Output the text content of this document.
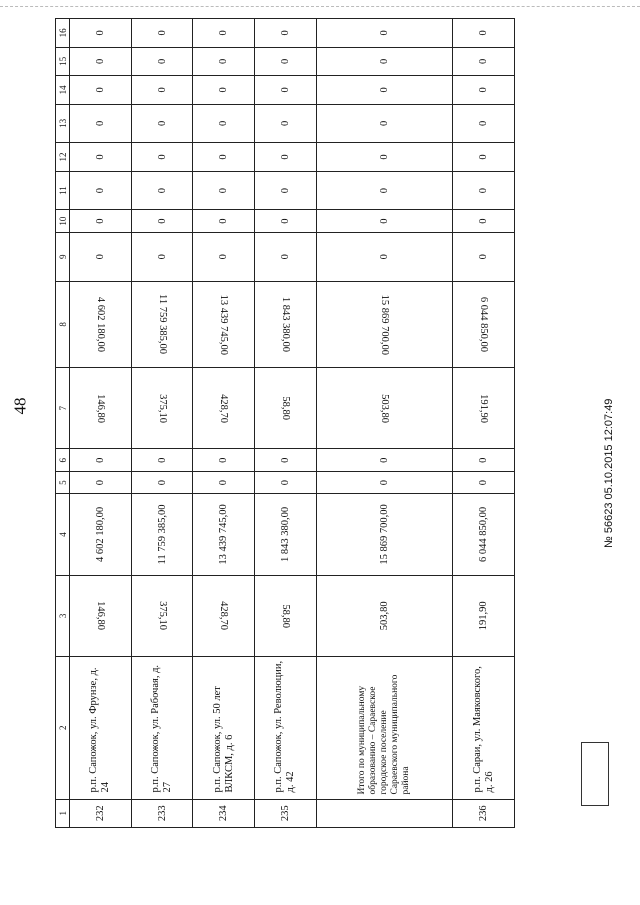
48
1	2	3	4	5	6	7	8	9	10	11	12	13	14	15	16
232	р.п. Сапожок, ул. Фрунзе, д. 24	146,80	4 602 180,00	0	0	146,80	4 602 180,00	0	0	0	0	0	0	0	0
233	р.п. Сапожок, ул. Рабочая, д. 27	375,10	11 759 385,00	0	0	375,10	11 759 385,00	0	0	0	0	0	0	0	0
234	р.п. Сапожок, ул. 50 лет ВЛКСМ, д. 6	428,70	13 439 745,00	0	0	428,70	13 439 745,00	0	0	0	0	0	0	0	0
235	р.п. Сапожок, ул. Революции, д. 42	58,80	1 843 380,00	0	0	58,80	1 843 380,00	0	0	0	0	0	0	0	0
	Итого по муниципальному образованию – Сараевское городское поселение Сараевского муниципального района	503,80	15 869 700,00	0	0	503,80	15 869 700,00	0	0	0	0	0	0	0	0
236	р.п. Сараи, ул. Маяковского, д. 26	191,90	6 044 850,00	0	0	191,90	6 044 850,00	0	0	0	0	0	0	0	0
№ 56623 05.10.2015 12:07:49
